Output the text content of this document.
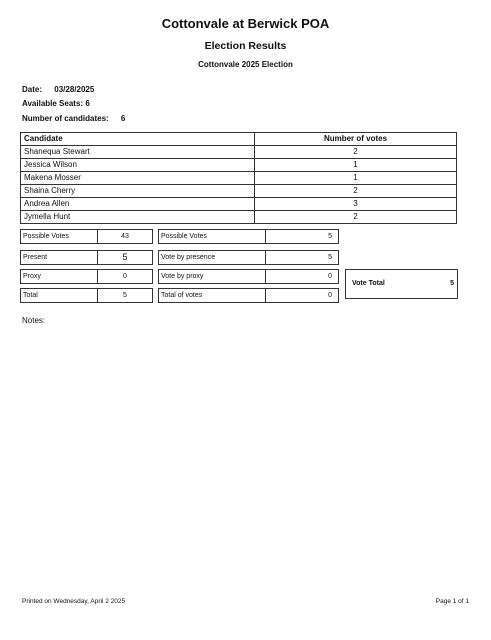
Cottonvale at Berwick POA
Election Results
Cottonvale 2025 Election
Date: 03/28/2025
Available Seats: 6
Number of candidates: 6
Candidate	Number of votes
Shanequa Stewart	2
Jessica Wilson	1
Makena Mosser	1
Shaina Cherry	2
Andrea Allen	3
Jymella Hunt	2
Possible Votes	43
Present	5
Proxy	0
Total	5
Possible Votes	5
Vote by presence	5
Vote by proxy	0
Total of votes	0
Vote Total	5
Notes:
Printed on Wednesday, April 2 2025	Page 1 of 1
